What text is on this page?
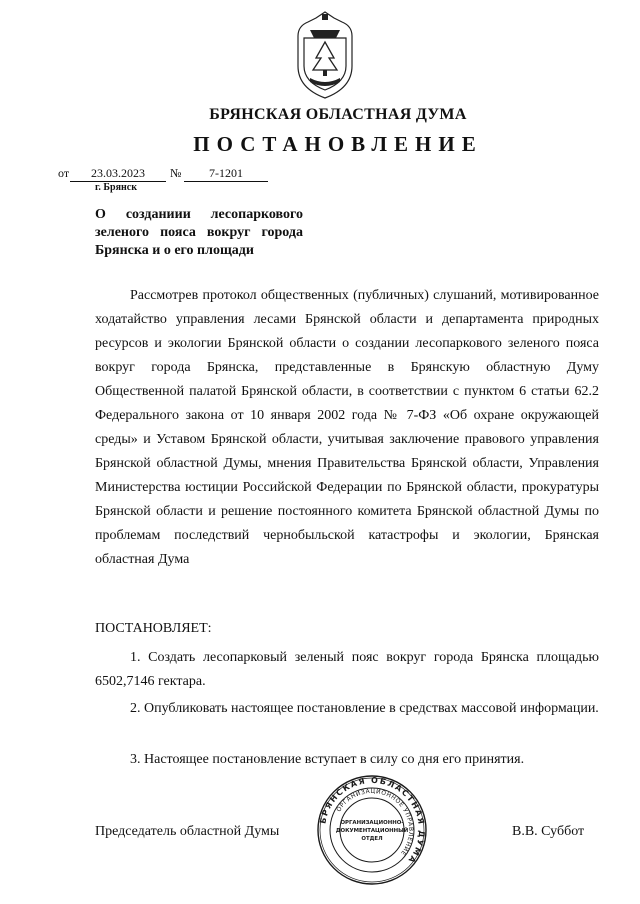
БРЯНСКАЯ ОБЛАСТНАЯ ДУМА
ПОСТАНОВЛЕНИЕ
от	23.03.2023	№	7-1201
г. Брянск
О созданиии лесопаркового зеленого пояса вокруг города Брянска и о его площади

Рассмотрев протокол общественных (публичных) слушаний, мотивированное ходатайство управления лесами Брянской области и департамента природных ресурсов и экологии Брянской области о создании лесопаркового зеленого пояса вокруг города Брянска, представленные в Брянскую областную Думу Общественной палатой Брянской области, в соответствии с пунктом 6 статьи 62.2 Федерального закона от 10 января 2002 года № 7-ФЗ «Об охране окружающей среды» и Уставом Брянской области, учитывая заключение правового управления Брянской областной Думы, мнения Правительства Брянской области, Управления Министерства юстиции Российской Федерации по Брянской области, прокуратуры Брянской области и решение постоянного комитета Брянской областной Думы по проблемам последствий чернобыльской катастрофы и экологии, Брянская областная Дума

ПОСТАНОВЛЯЕТ:

1. Создать лесопарковый зеленый пояс вокруг города Брянска площадью 6502,7146 гектара.

2. Опубликовать настоящее постановление в средствах массовой информации.

3. Настоящее постановление вступает в силу со дня его принятия.

Председатель областной Думы	В.В. Суббот
БРЯНСКАЯ ОБЛАСТНАЯ ДУМА
ОРГАНИЗАЦИОННОЕ УПРАВЛЕНИЕ
ОРГАНИЗАЦИОННО-
ДОКУМЕНТАЦИОННЫЙ
ОТДЕЛ
